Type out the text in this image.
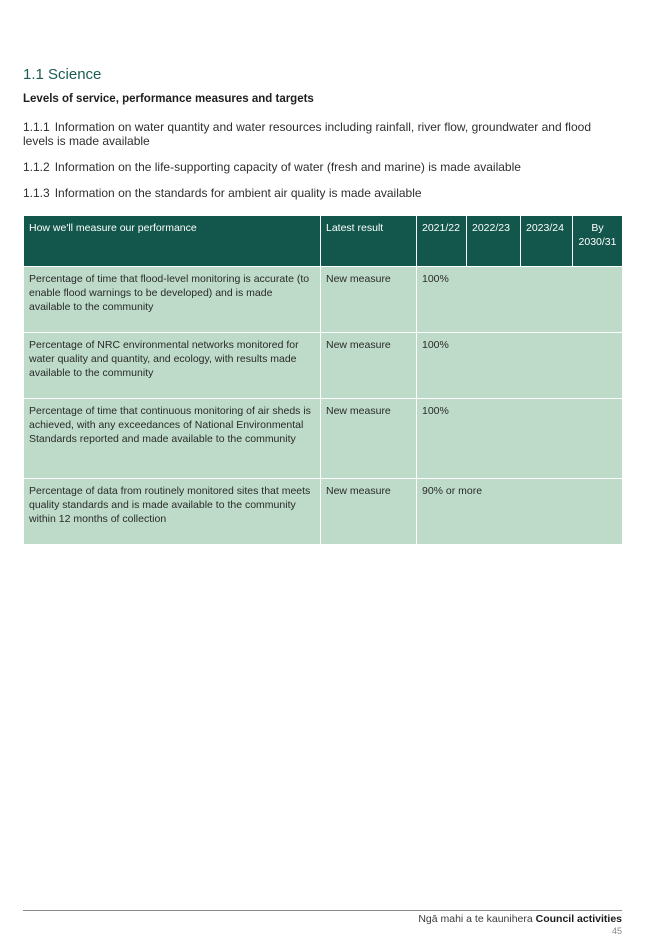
1.1 Science
Levels of service, performance measures and targets
1.1.1 Information on water quantity and water resources including rainfall, river flow, groundwater and flood levels is made available
1.1.2 Information on the life-supporting capacity of water (fresh and marine) is made available
1.1.3 Information on the standards for ambient air quality is made available
How we'll measure our performance	Latest result	2021/22	2022/23	2023/24	By 2030/31
Percentage of time that flood-level monitoring is accurate (to enable flood warnings to be developed) and is made available to the community	New measure	100%			
Percentage of NRC environmental networks monitored for water quality and quantity, and ecology, with results made available to the community	New measure	100%			
Percentage of time that continuous monitoring of air sheds is achieved, with any exceedances of National Environmental Standards reported and made available to the community	New measure	100%			
Percentage of data from routinely monitored sites that meets quality standards and is made available to the community within 12 months of collection	New measure	90% or more			
Ngā mahi a te kaunihera Council activities
45
